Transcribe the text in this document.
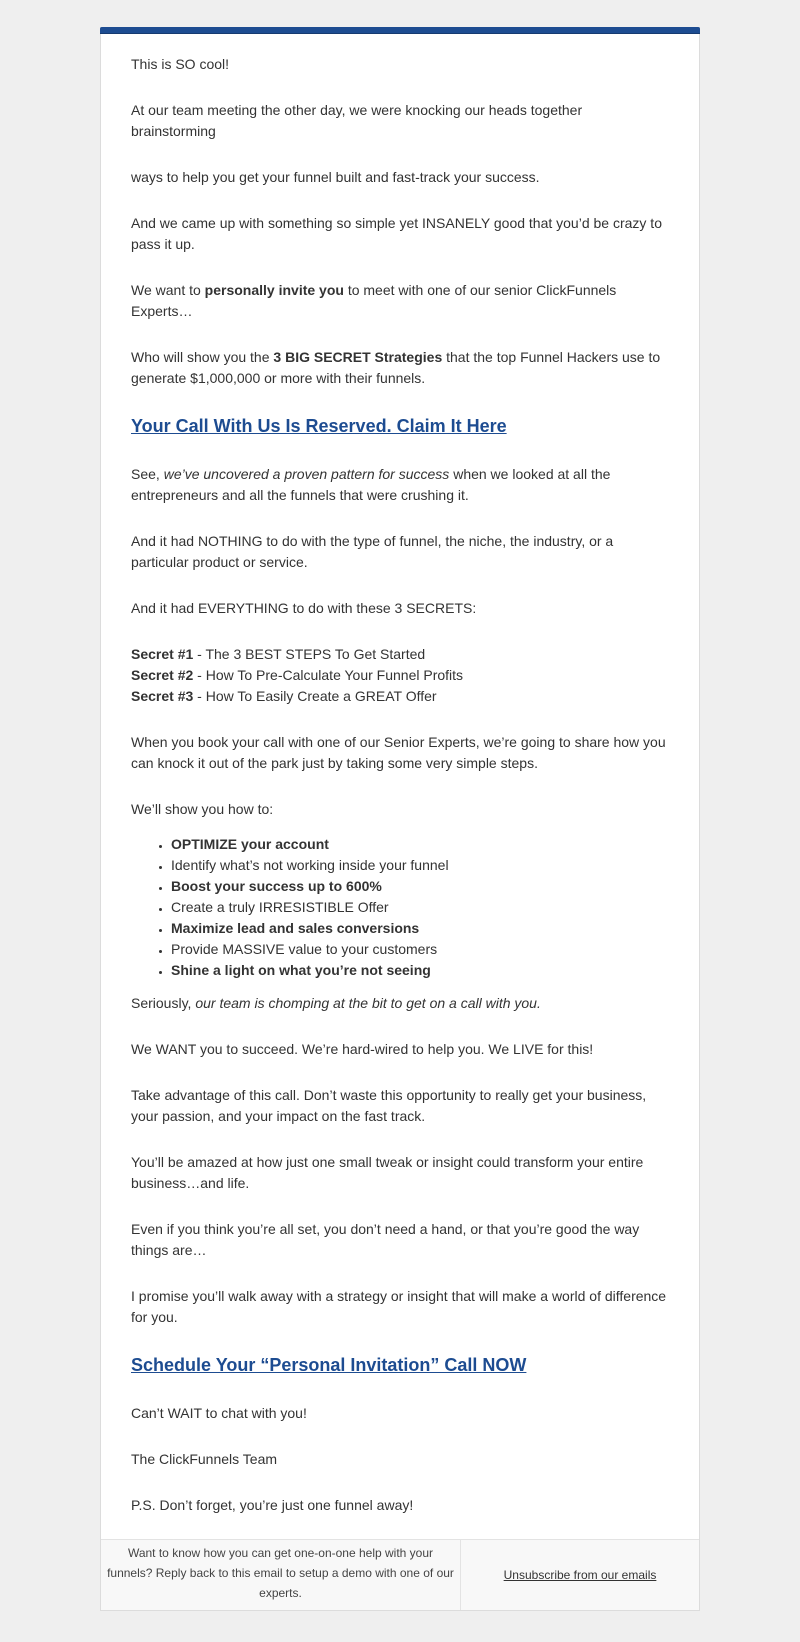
This is SO cool!

At our team meeting the other day, we were knocking our heads together brainstorming

ways to help you get your funnel built and fast-track your success.

And we came up with something so simple yet INSANELY good that you’d be crazy to pass it up.

We want to personally invite you to meet with one of our senior ClickFunnels Experts…

Who will show you the 3 BIG SECRET Strategies that the top Funnel Hackers use to generate $1,000,000 or more with their funnels.

Your Call With Us Is Reserved. Claim It Here

See, we’ve uncovered a proven pattern for success when we looked at all the entrepreneurs and all the funnels that were crushing it.

And it had NOTHING to do with the type of funnel, the niche, the industry, or a particular product or service.

And it had EVERYTHING to do with these 3 SECRETS:

Secret #1 - The 3 BEST STEPS To Get Started
Secret #2 - How To Pre-Calculate Your Funnel Profits
Secret #3 - How To Easily Create a GREAT Offer

When you book your call with one of our Senior Experts, we’re going to share how you can knock it out of the park just by taking some very simple steps.

We’ll show you how to:

• OPTIMIZE your account
• Identify what’s not working inside your funnel
• Boost your success up to 600%
• Create a truly IRRESISTIBLE Offer
• Maximize lead and sales conversions
• Provide MASSIVE value to your customers
• Shine a light on what you’re not seeing

Seriously, our team is chomping at the bit to get on a call with you.

We WANT you to succeed. We’re hard-wired to help you. We LIVE for this!

Take advantage of this call. Don’t waste this opportunity to really get your business, your passion, and your impact on the fast track.

You’ll be amazed at how just one small tweak or insight could transform your entire business…and life.

Even if you think you’re all set, you don’t need a hand, or that you’re good the way things are…

I promise you’ll walk away with a strategy or insight that will make a world of difference for you.

Schedule Your “Personal Invitation” Call NOW

Can’t WAIT to chat with you!

The ClickFunnels Team

P.S. Don’t forget, you’re just one funnel away!

Want to know how you can get one-on-one help with your funnels? Reply back to this email to setup a demo with one of our experts.
Unsubscribe from our emails
